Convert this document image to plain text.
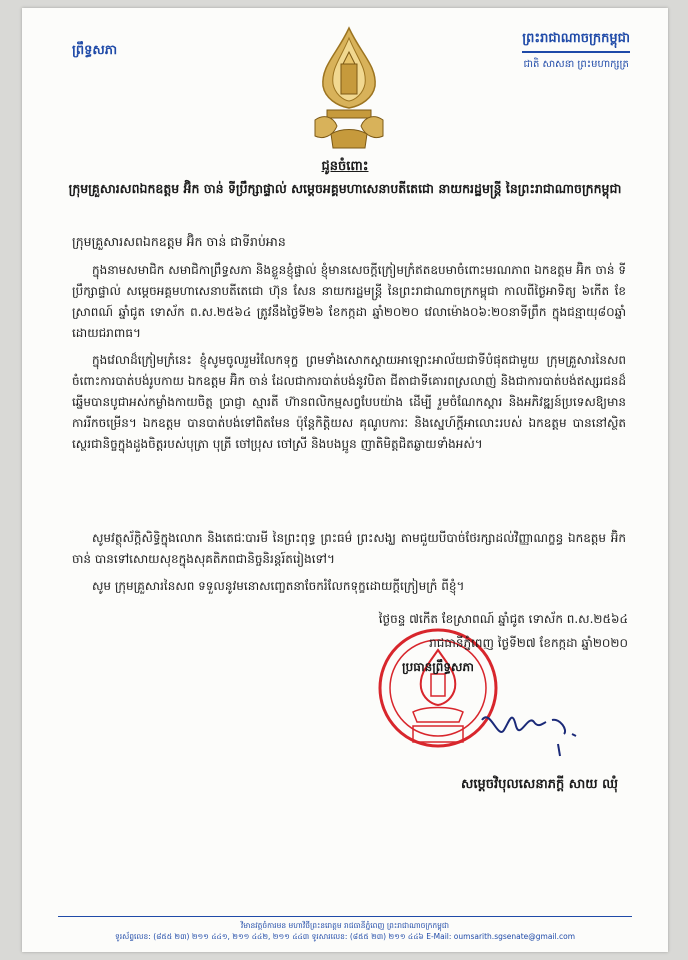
ព្រឹទ្ធសភា
ព្រះរាជាណាចក្រកម្ពុជា
ជាតិ សាសនា ព្រះមហាក្សត្រ
ជូនចំពោះ
ក្រុមគ្រួសារសពឯកឧត្តម អ៊ិក ចាន់ ទីប្រឹក្សាផ្ទាល់ សម្ដេចអគ្គមហាសេនាបតីតេជោ នាយករដ្ឋមន្ត្រី នៃព្រះរាជាណាចក្រកម្ពុជា
ក្រុមគ្រួសារសពឯកឧត្តម អ៊ិក ចាន់ ជាទីរាប់អាន
ក្នុងនាមសមាជិក សមាជិកាព្រឹទ្ធសភា និងខ្លួនខ្ញុំផ្ទាល់ ខ្ញុំមានសេចក្ដីក្រៀមក្រំឥតឧបមាចំពោះមរណភាព ឯកឧត្តម អ៊ិក ចាន់ ទីប្រឹក្សាផ្ទាល់ សម្ដេចអគ្គមហាសេនាបតីតេជោ ហ៊ុន សែន នាយករដ្ឋមន្ត្រី នៃព្រះរាជាណាចក្រកម្ពុជា កាលពីថ្ងៃអាទិត្យ ៦កើត ខែស្រាពណ៍ ឆ្នាំជូត ទោស័ក ព.ស.២៥៦៤ ត្រូវនឹងថ្ងៃទី២៦ ខែកក្កដា ឆ្នាំ២០២០ វេលាម៉ោង០៦:២០នាទីព្រឹក ក្នុងជន្មាយុ៨០ឆ្នាំ ដោយជរាពាធ។
ក្នុងវេលាដ៏ក្រៀមក្រំនេះ ខ្ញុំសូមចូលរួមរំលែកទុក្ខ ព្រមទាំងសោកស្ដាយអាឡោះអាល័យជាទីបំផុតជាមួយ ក្រុមគ្រួសារនៃសពចំពោះការបាត់បង់រូបកាយ ឯកឧត្តម អ៊ិក ចាន់ ដែលជាការបាត់បង់នូវបិតា ជីតាជាទីគោរពស្រលាញ់ និងជាការបាត់បង់ឥស្សរជនដ៏ឆ្នើមបានបូជាអស់កម្លាំងកាយចិត្ត ប្រាជ្ញា ស្មារតី ហ៊ានពលិកម្មសព្វបែបយ៉ាង ដើម្បី រួមចំណែកស្តារ និងអភិវឌ្ឍន៍ប្រទេសឱ្យមានការរីកចម្រើន។ ឯកឧត្តម បានបាត់បង់ទៅពិតមែន ប៉ុន្តែកិត្តិយស គុណូបការៈ និងស្នេហ៍ក្ដីអាលោះរបស់ ឯកឧត្តម បាននៅស្ថិតស្ថេរជានិច្ចក្នុងដួងចិត្តរបស់បុត្រា បុត្រី ចៅប្រុស ចៅស្រី និងបងប្អូន ញាតិមិត្តជិតឆ្ងាយទាំងអស់។
សូមវត្ថុស័ក្ដិសិទ្ធិក្នុងលោក និងតេជៈបារមី នៃព្រះពុទ្ធ ព្រះធម៌ ព្រះសង្ឃ តាមជួយបីបាច់ថែរក្សាដល់វិញ្ញាណក្ខន្ធ ឯកឧត្តម អ៊ិក ចាន់ បានទៅសោយសុខក្នុងសុគតិភពជានិច្ចនិរន្តរ៍តរៀងទៅ។
សូម ក្រុមគ្រួសារនៃសព ទទួលនូវមនោសញ្ចេតនាចែករំលែកទុក្ខដោយក្ដីក្រៀមក្រំ ពីខ្ញុំ។
ថ្ងៃចន្ទ ៧កើត ខែស្រាពណ៍ ឆ្នាំជូត ទោស័ក ព.ស.២៥៦៤
រាជធានីភ្នំពេញ ថ្ងៃទី២៧ ខែកក្កដា ឆ្នាំ២០២០
ប្រធានព្រឹទ្ធសភា
សម្ដេចវិបុលសេនាភក្ដី សាយ ឈុំ
វិមានវត្តចំការមន មហាវិថីព្រះនរោត្តម រាជធានីភ្នំពេញ ព្រះរាជាណាចក្រកម្ពុជា
ទូរស័ព្ទលេខ: (៨៥៥ ២៣) ២១១ ៤៤១, ២១១ ៤៤២, ២១១ ៤៤៣ ទូរសារលេខ: (៨៥៥ ២៣) ២១១ ៤៤៦ E-Mail: oumsarith.sgsenate@gmail.com
